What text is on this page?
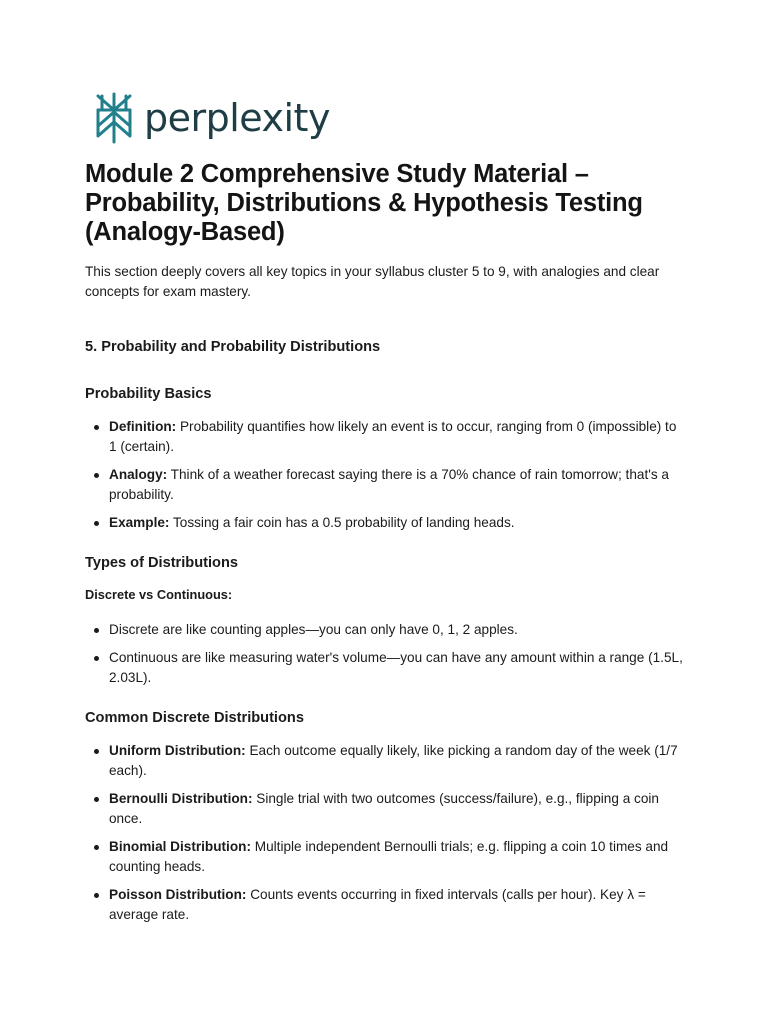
perplexity
Module 2 Comprehensive Study Material – Probability, Distributions & Hypothesis Testing (Analogy-Based)

This section deeply covers all key topics in your syllabus cluster 5 to 9, with analogies and clear concepts for exam mastery.

5. Probability and Probability Distributions
Probability Basics
Definition: Probability quantifies how likely an event is to occur, ranging from 0 (impossible) to 1 (certain).
Analogy: Think of a weather forecast saying there is a 70% chance of rain tomorrow; that's a probability.
Example: Tossing a fair coin has a 0.5 probability of landing heads.
Types of Distributions
Discrete vs Continuous:
Discrete are like counting apples—you can only have 0, 1, 2 apples.
Continuous are like measuring water's volume—you can have any amount within a range (1.5L, 2.03L).
Common Discrete Distributions
Uniform Distribution: Each outcome equally likely, like picking a random day of the week (1/7 each).
Bernoulli Distribution: Single trial with two outcomes (success/failure), e.g., flipping a coin once.
Binomial Distribution: Multiple independent Bernoulli trials; e.g. flipping a coin 10 times and counting heads.
Poisson Distribution: Counts events occurring in fixed intervals (calls per hour). Key λ = average rate.
